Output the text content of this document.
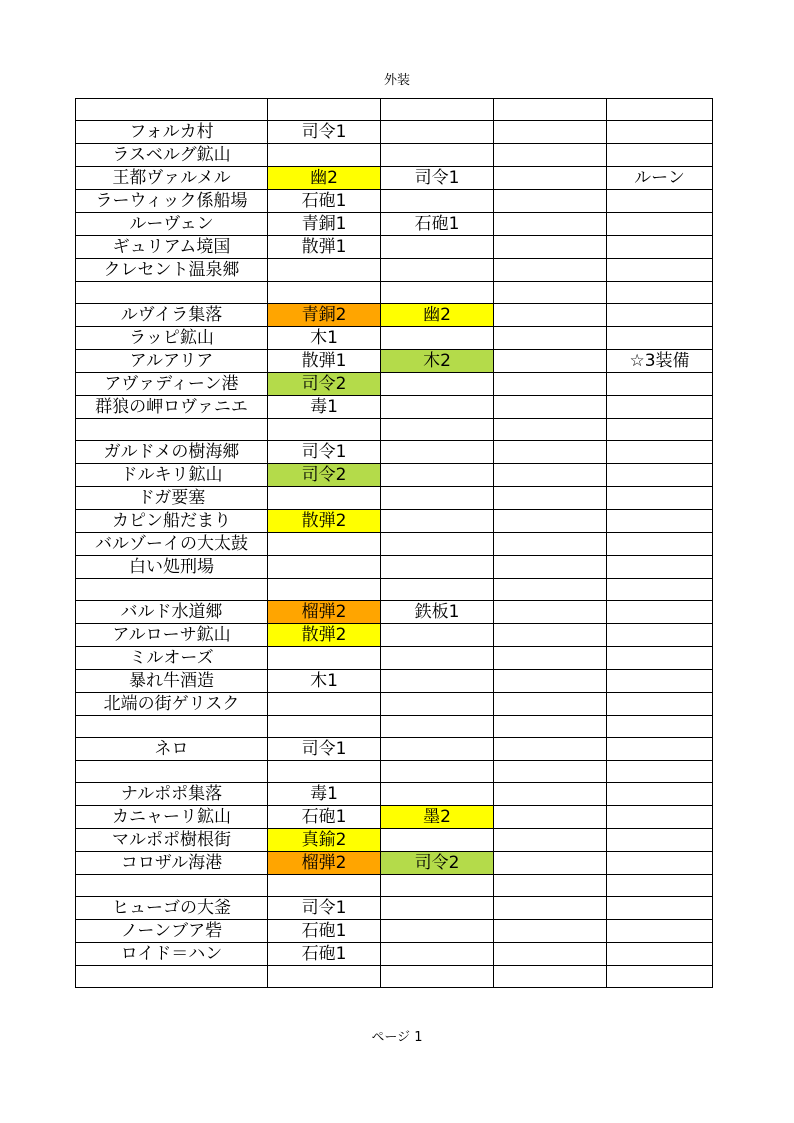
外装

フォルカ村	司令1			
ラスベルグ鉱山				
王都ヴァルメル	幽2	司令1		ルーン
ラーウィック係船場	石砲1			
ルーヴェン	青銅1	石砲1		
ギュリアム境国	散弾1			
クレセント温泉郷				

ルヴイラ集落	青銅2	幽2		
ラッピ鉱山	木1			
アルアリア	散弾1	木2		☆3装備
アヴァディーン港	司令2			
群狼の岬ロヴァニエ	毒1			

ガルドメの樹海郷	司令1			
ドルキリ鉱山	司令2			
ドガ要塞				
カピン船だまり	散弾2			
バルゾーイの大太鼓				
白い処刑場				

バルド水道郷	榴弾2	鉄板1		
アルローサ鉱山	散弾2			
ミルオーズ				
暴れ牛酒造	木1			
北端の街ゲリスク				

ネロ	司令1			

ナルポポ集落	毒1			
カニャーリ鉱山	石砲1	墨2		
マルポポ樹根街	真鍮2			
コロザル海港	榴弾2	司令2		

ヒューゴの大釜	司令1			
ノーンブア砦	石砲1			
ロイド＝ハン	石砲1			

ページ 1
